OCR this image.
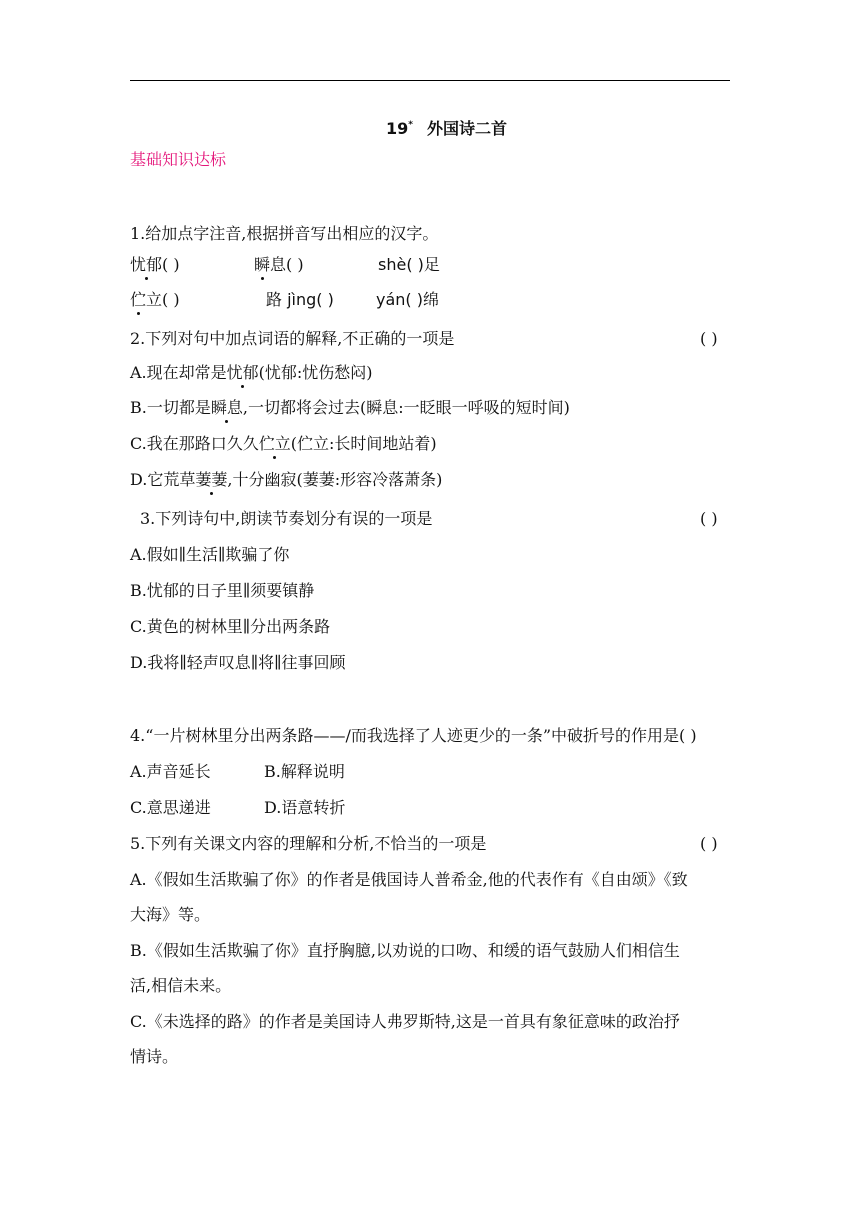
19* 外国诗二首
基础知识达标
1.给加点字注音,根据拼音写出相应的汉字。
忧郁( )	瞬息( )	shè( )足
伫立( )	路 jìng( )	yán( )绵
2.下列对句中加点词语的解释,不正确的一项是	( )
A.现在却常是忧郁(忧郁:忧伤愁闷)
B.一切都是瞬息,一切都将会过去(瞬息:一眨眼一呼吸的短时间)
C.我在那路口久久伫立(伫立:长时间地站着)
D.它荒草萋萋,十分幽寂(萋萋:形容冷落萧条)
3.下列诗句中,朗读节奏划分有误的一项是	( )
A.假如∥生活∥欺骗了你
B.忧郁的日子里∥须要镇静
C.黄色的树林里∥分出两条路
D.我将∥轻声叹息∥将∥往事回顾
4.“一片树林里分出两条路——/而我选择了人迹更少的一条”中破折号的作用是( )
A.声音延长	B.解释说明
C.意思递进	D.语意转折
5.下列有关课文内容的理解和分析,不恰当的一项是	( )
A.《假如生活欺骗了你》的作者是俄国诗人普希金,他的代表作有《自由颂》《致
大海》等。
B.《假如生活欺骗了你》直抒胸臆,以劝说的口吻、和缓的语气鼓励人们相信生
活,相信未来。
C.《未选择的路》的作者是美国诗人弗罗斯特,这是一首具有象征意味的政治抒
情诗。
